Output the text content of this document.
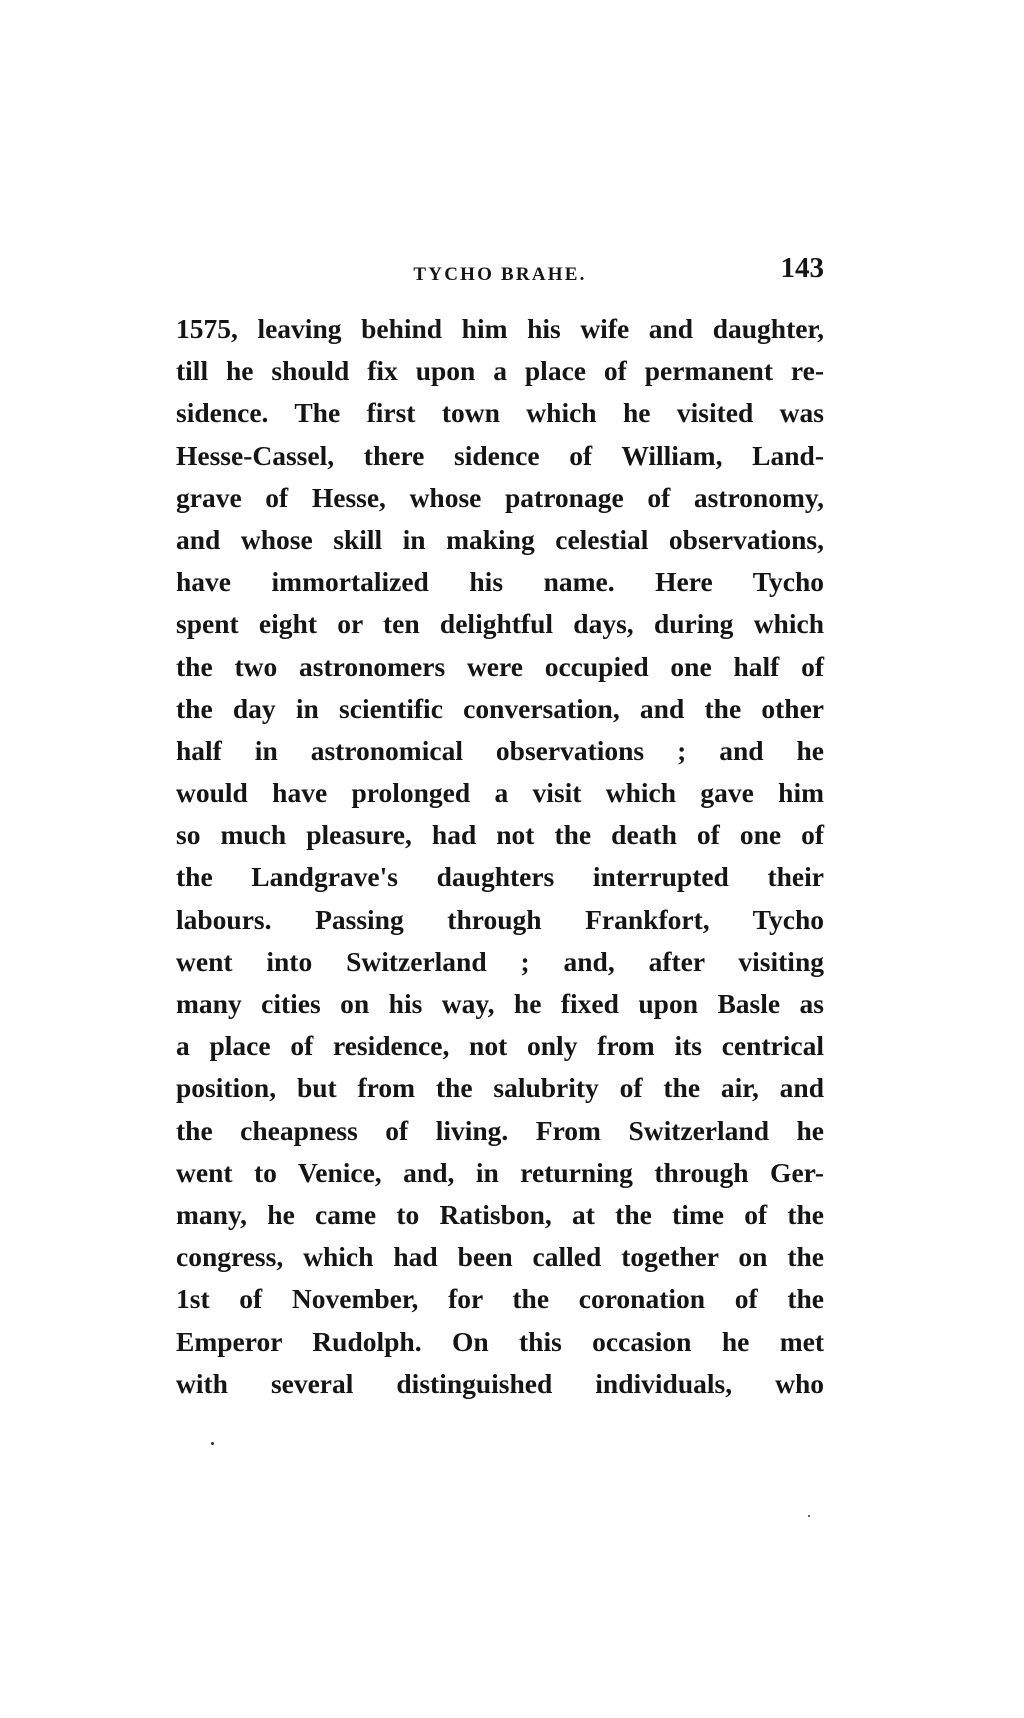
TYCHO BRAHE.	143
1575, leaving behind him his wife and daughter,
till he should fix upon a place of permanent re-
sidence. The first town which he visited was
Hesse-Cassel, there sidence of William, Land-
grave of Hesse, whose patronage of astronomy,
and whose skill in making celestial observations,
have immortalized his name. Here Tycho
spent eight or ten delightful days, during which
the two astronomers were occupied one half of
the day in scientific conversation, and the other
half in astronomical observations ; and he
would have prolonged a visit which gave him
so much pleasure, had not the death of one of
the Landgrave's daughters interrupted their
labours. Passing through Frankfort, Tycho
went into Switzerland ; and, after visiting
many cities on his way, he fixed upon Basle as
a place of residence, not only from its centrical
position, but from the salubrity of the air, and
the cheapness of living. From Switzerland he
went to Venice, and, in returning through Ger-
many, he came to Ratisbon, at the time of the
congress, which had been called together on the
1st of November, for the coronation of the
Emperor Rudolph. On this occasion he met
with several distinguished individuals, who
